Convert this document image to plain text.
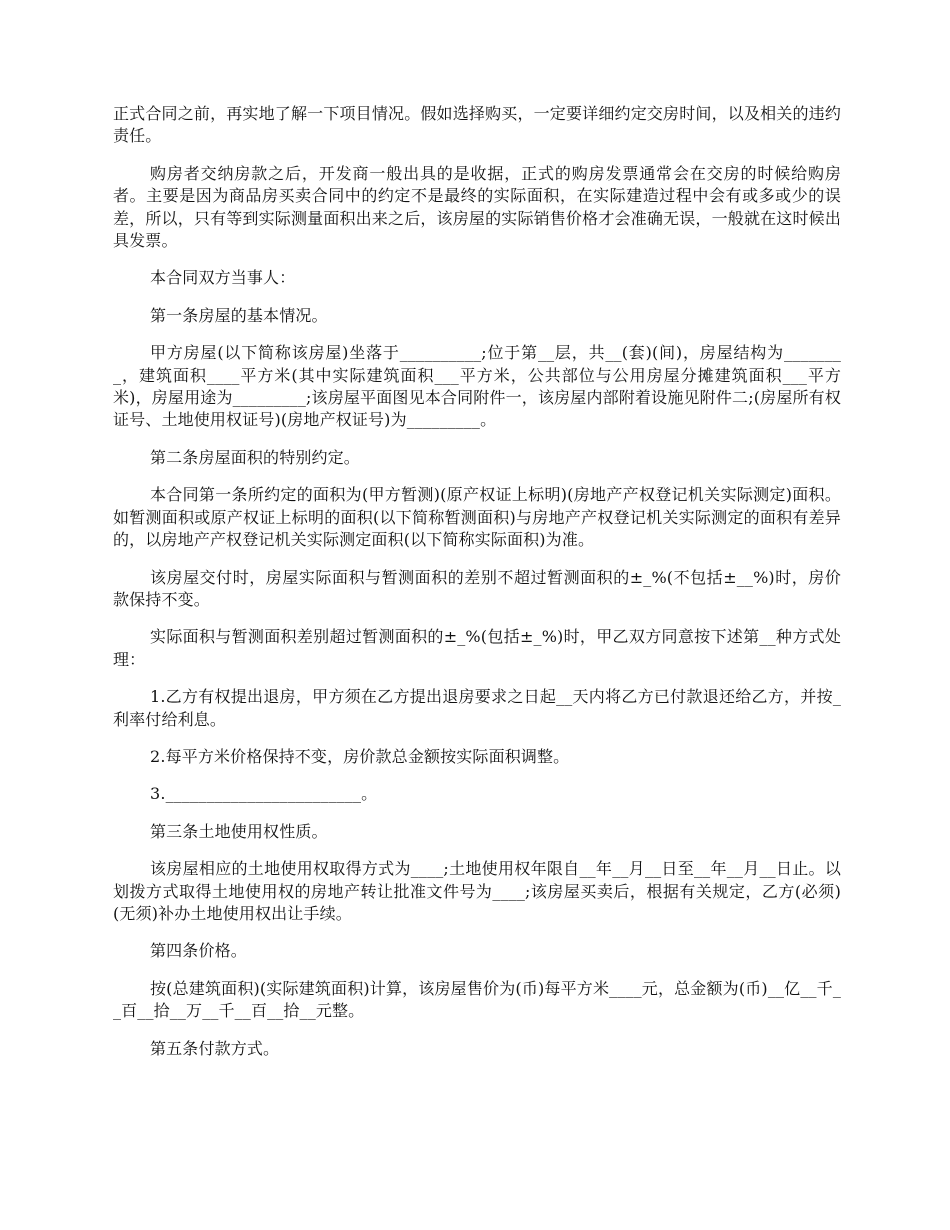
正式合同之前，再实地了解一下项目情况。假如选择购买，一定要详细约定交房时间，以及相关的违约责任。

购房者交纳房款之后，开发商一般出具的是收据，正式的购房发票通常会在交房的时候给购房者。主要是因为商品房买卖合同中的约定不是最终的实际面积，在实际建造过程中会有或多或少的误差，所以，只有等到实际测量面积出来之后，该房屋的实际销售价格才会准确无误，一般就在这时候出具发票。

本合同双方当事人：

第一条房屋的基本情况。

甲方房屋(以下简称该房屋)坐落于__________;位于第__层，共__(套)(间)，房屋结构为________，建筑面积____平方米(其中实际建筑面积___平方米，公共部位与公用房屋分摊建筑面积___平方米)，房屋用途为_________;该房屋平面图见本合同附件一，该房屋内部附着设施见附件二;(房屋所有权证号、土地使用权证号)(房地产权证号)为_________。

第二条房屋面积的特别约定。

本合同第一条所约定的面积为(甲方暂测)(原产权证上标明)(房地产产权登记机关实际测定)面积。如暂测面积或原产权证上标明的面积(以下简称暂测面积)与房地产产权登记机关实际测定的面积有差异的，以房地产产权登记机关实际测定面积(以下简称实际面积)为准。

该房屋交付时，房屋实际面积与暂测面积的差别不超过暂测面积的±_%(不包括±__%)时，房价款保持不变。

实际面积与暂测面积差别超过暂测面积的±_%(包括±_%)时，甲乙双方同意按下述第__种方式处理：

1.乙方有权提出退房，甲方须在乙方提出退房要求之日起__天内将乙方已付款退还给乙方，并按_利率付给利息。

2.每平方米价格保持不变，房价款总金额按实际面积调整。

3.________________________。

第三条土地使用权性质。

该房屋相应的土地使用权取得方式为____;土地使用权年限自__年__月__日至__年__月__日止。以划拨方式取得土地使用权的房地产转让批准文件号为____;该房屋买卖后，根据有关规定，乙方(必须)(无须)补办土地使用权出让手续。

第四条价格。

按(总建筑面积)(实际建筑面积)计算，该房屋售价为(币)每平方米____元，总金额为(币)__亿__千__百__拾__万__千__百__拾__元整。

第五条付款方式。
